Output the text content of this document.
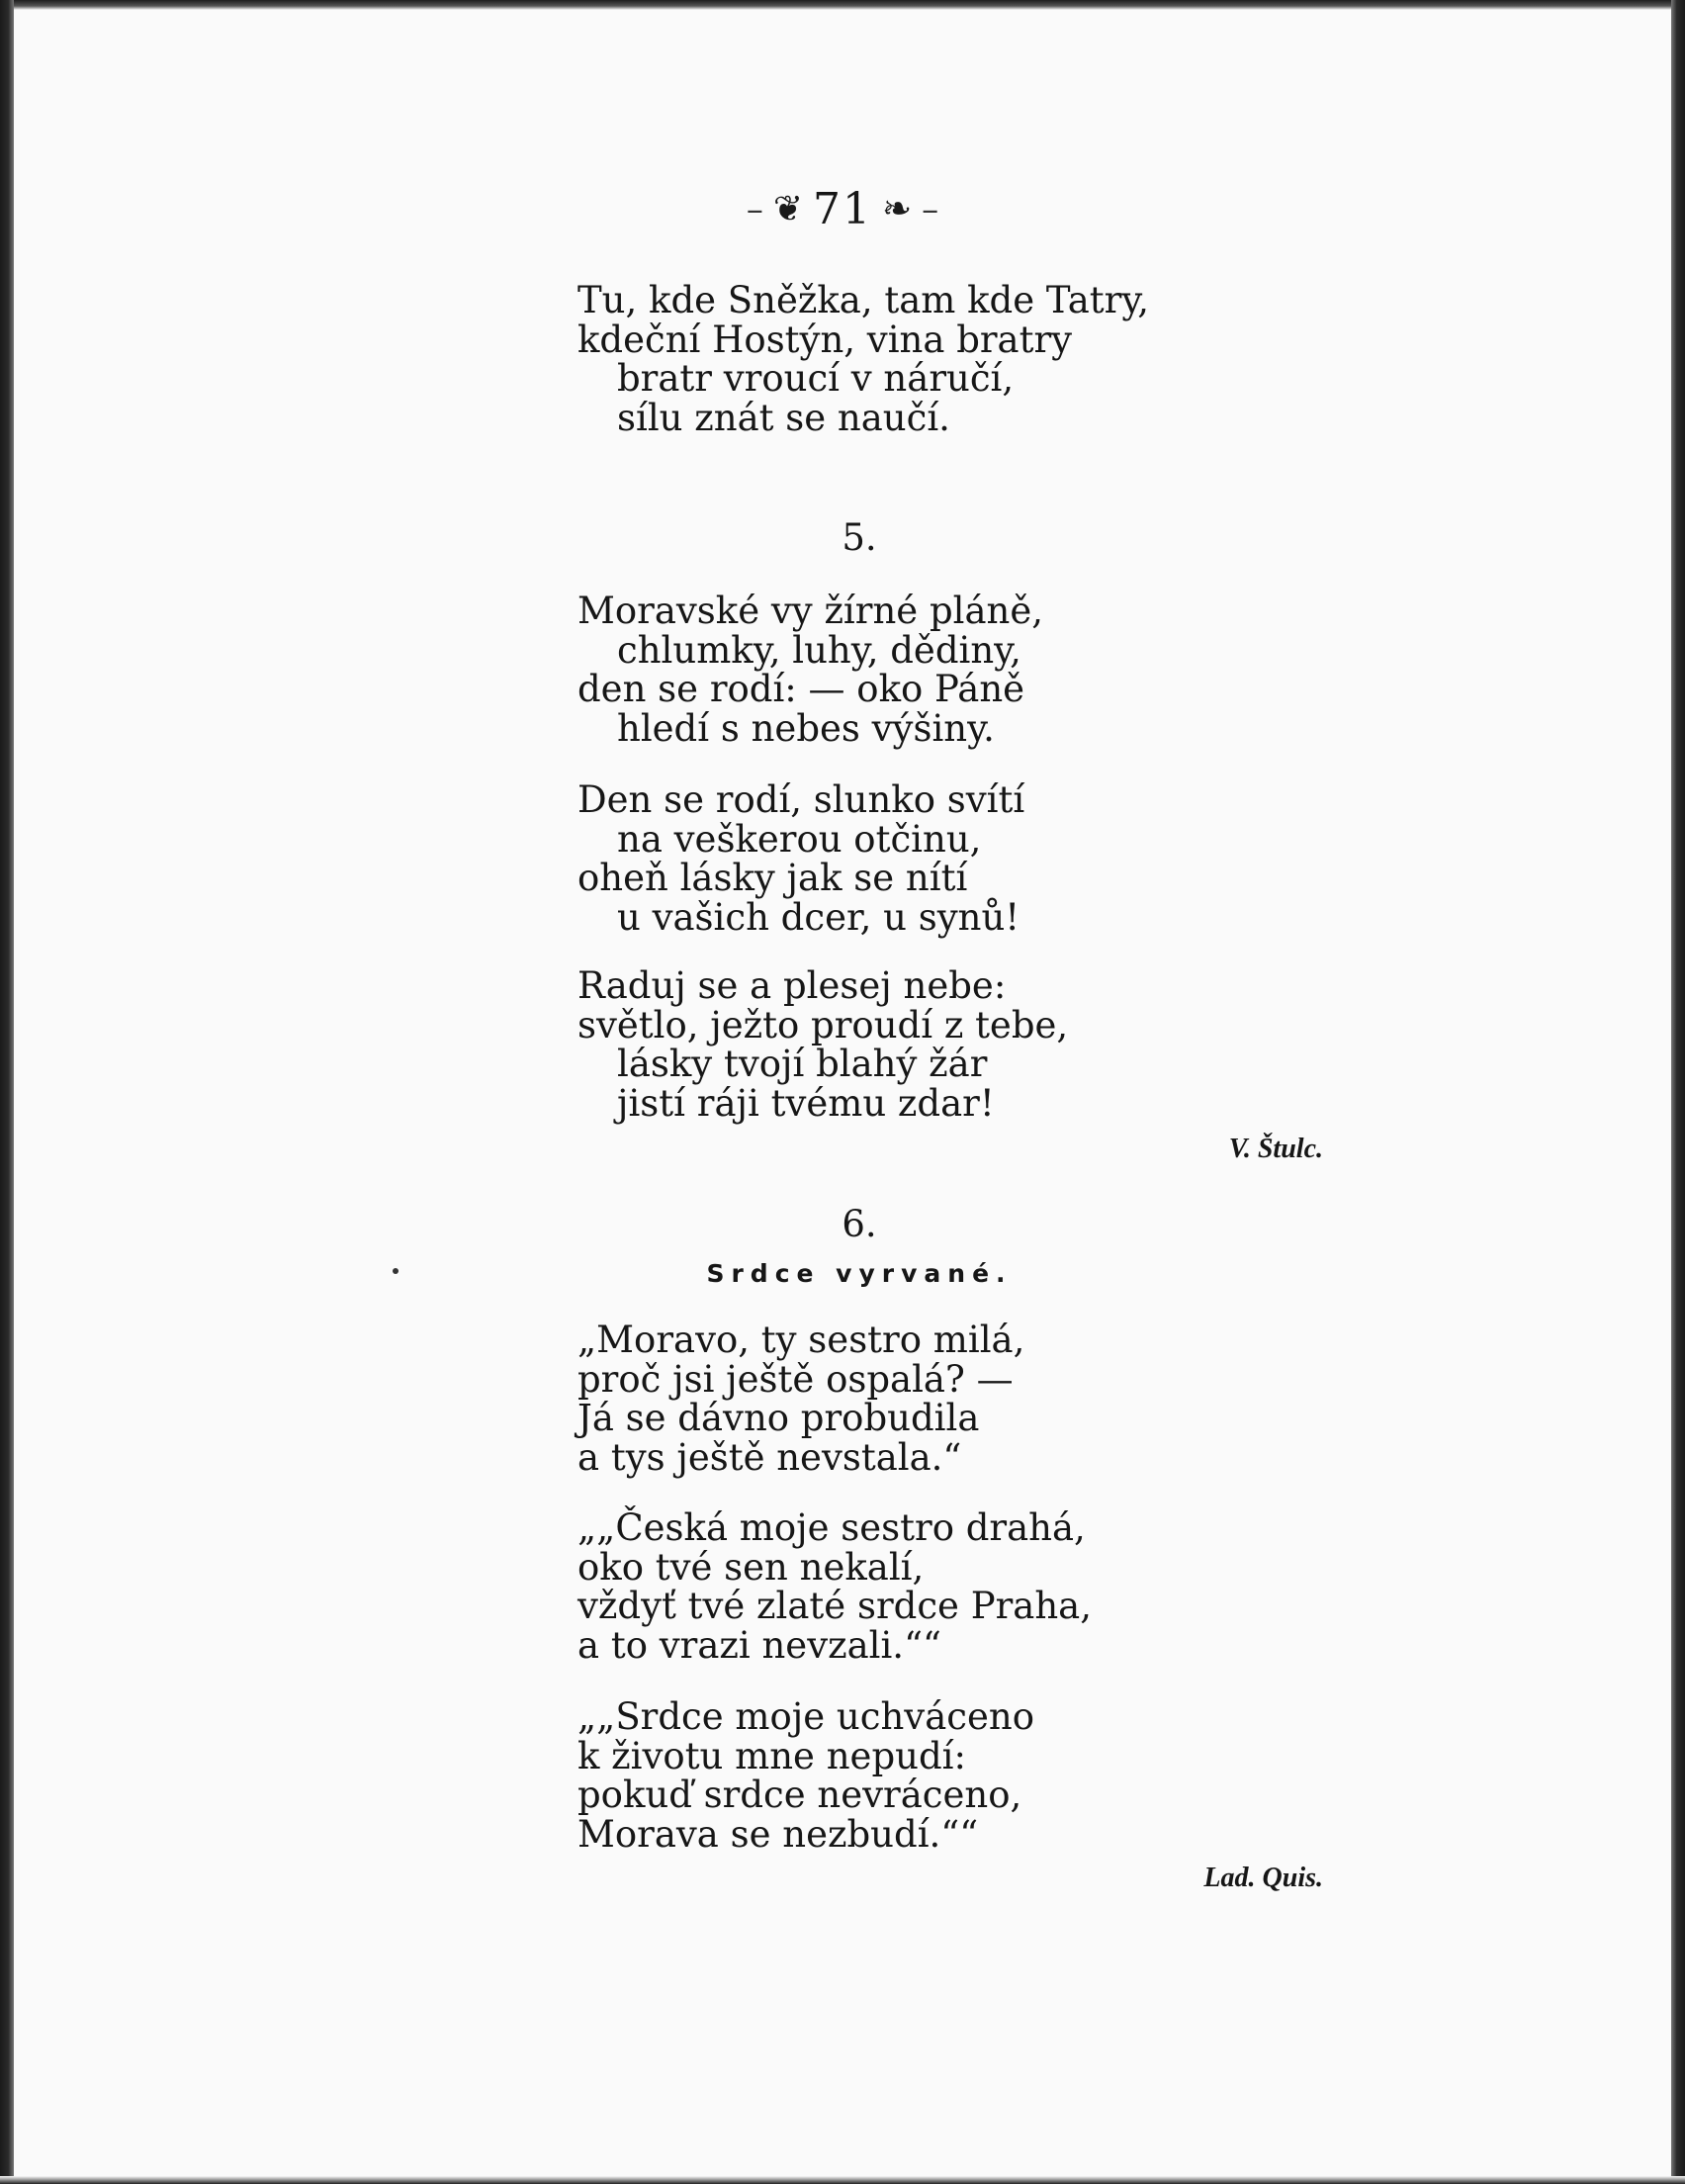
– ❦ 71 ❧ –
Tu, kde Sněžka, tam kde Tatry,
kdeční Hostýn, vina bratry
bratr vroucí v náručí,
sílu znát se naučí.
5.
Moravské vy žírné pláně,
chlumky, luhy, dědiny,
den se rodí: — oko Páně
hledí s nebes výšiny.
Den se rodí, slunko svítí
na veškerou otčinu,
oheň lásky jak se nítí
u vašich dcer, u synů!
Raduj se a plesej nebe:
světlo, ježto proudí z tebe,
lásky tvojí blahý žár
jistí ráji tvému zdar!
V. Štulc.
6.
Srdce vyrvané.
„Moravo, ty sestro milá,
proč jsi ještě ospalá? —
Já se dávno probudila
a tys ještě nevstala.“
„„Česká moje sestro drahá,
oko tvé sen nekalí,
vždyť tvé zlaté srdce Praha,
a to vrazi nevzali.““
„„Srdce moje uchváceno
k životu mne nepudí:
pokuď srdce nevráceno,
Morava se nezbudí.““
Lad. Quis.
